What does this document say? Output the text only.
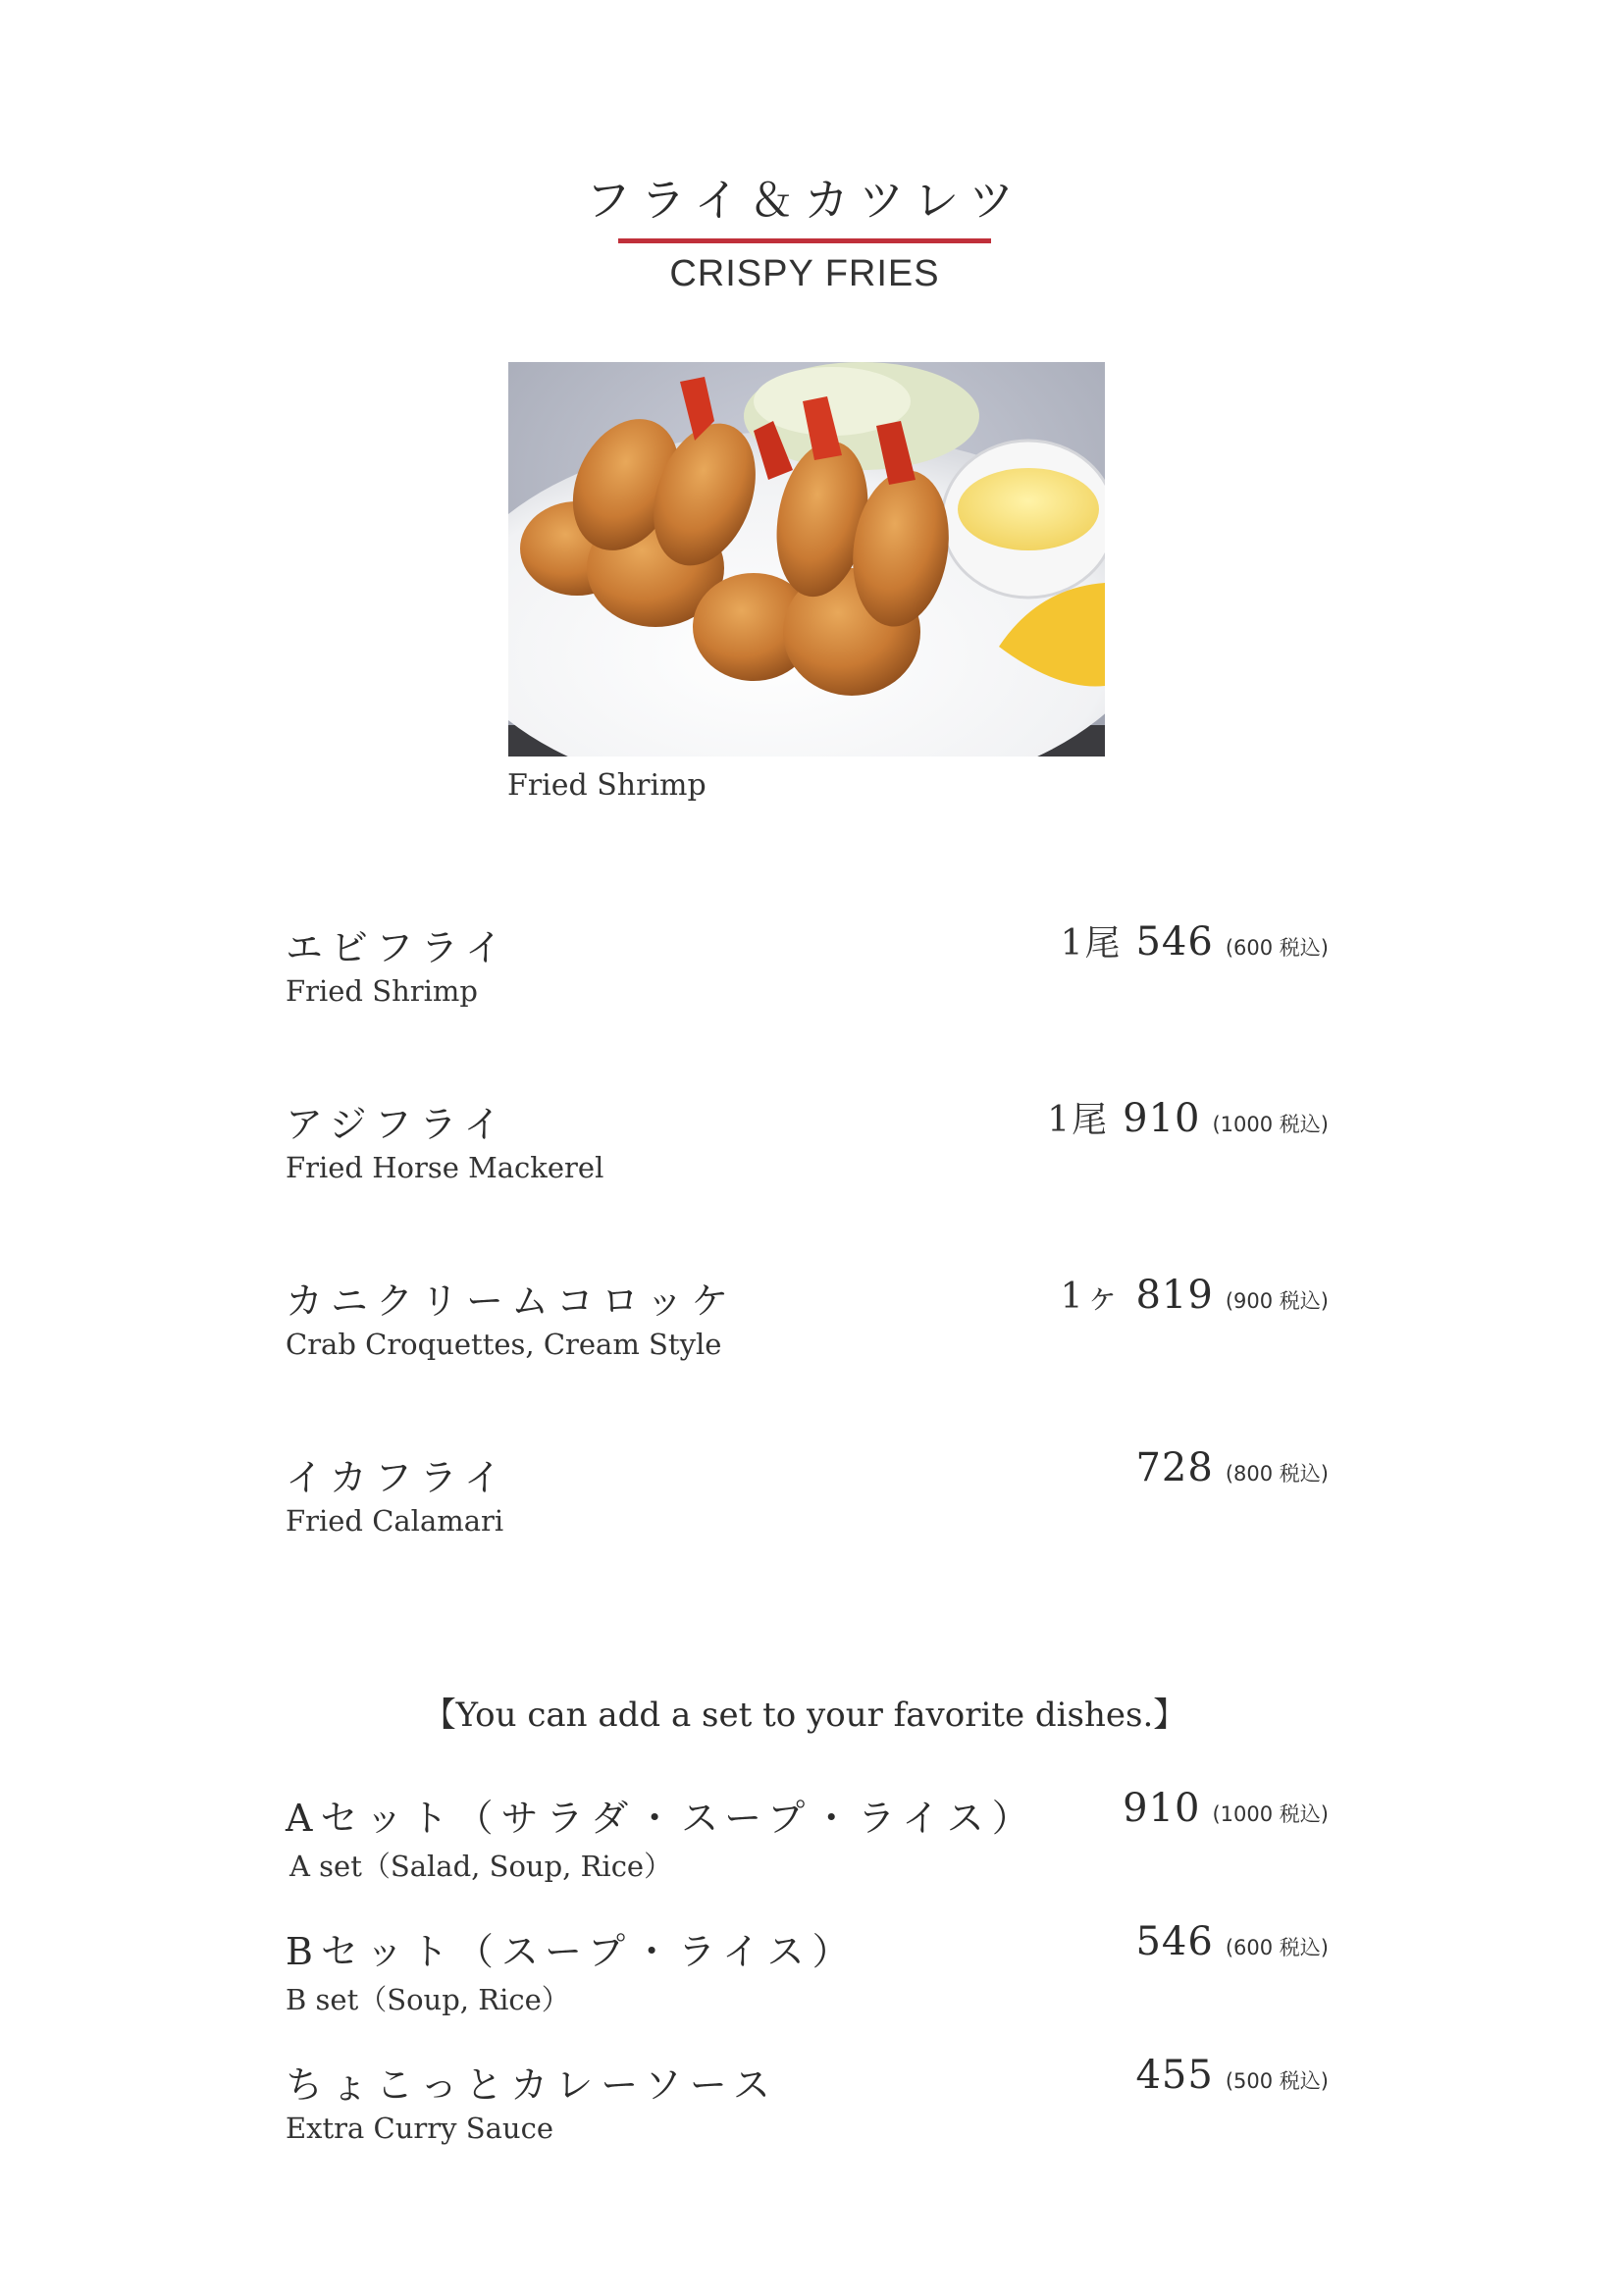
フライ＆カツレツ
CRISPY FRIES
Fried Shrimp
エビフライ
Fried Shrimp
1尾 546 (600 税込)
アジフライ
Fried Horse Mackerel
1尾 910 (1000 税込)
カニクリームコロッケ
Crab Croquettes, Cream Style
1ヶ 819 (900 税込)
イカフライ
Fried Calamari
728 (800 税込)
【You can add a set to your favorite dishes.】
Aセット（サラダ・スープ・ライス）
A set（Salad, Soup, Rice）
910 (1000 税込)
Bセット（スープ・ライス）
B set（Soup, Rice）
546 (600 税込)
ちょこっとカレーソース
Extra Curry Sauce
455 (500 税込)
